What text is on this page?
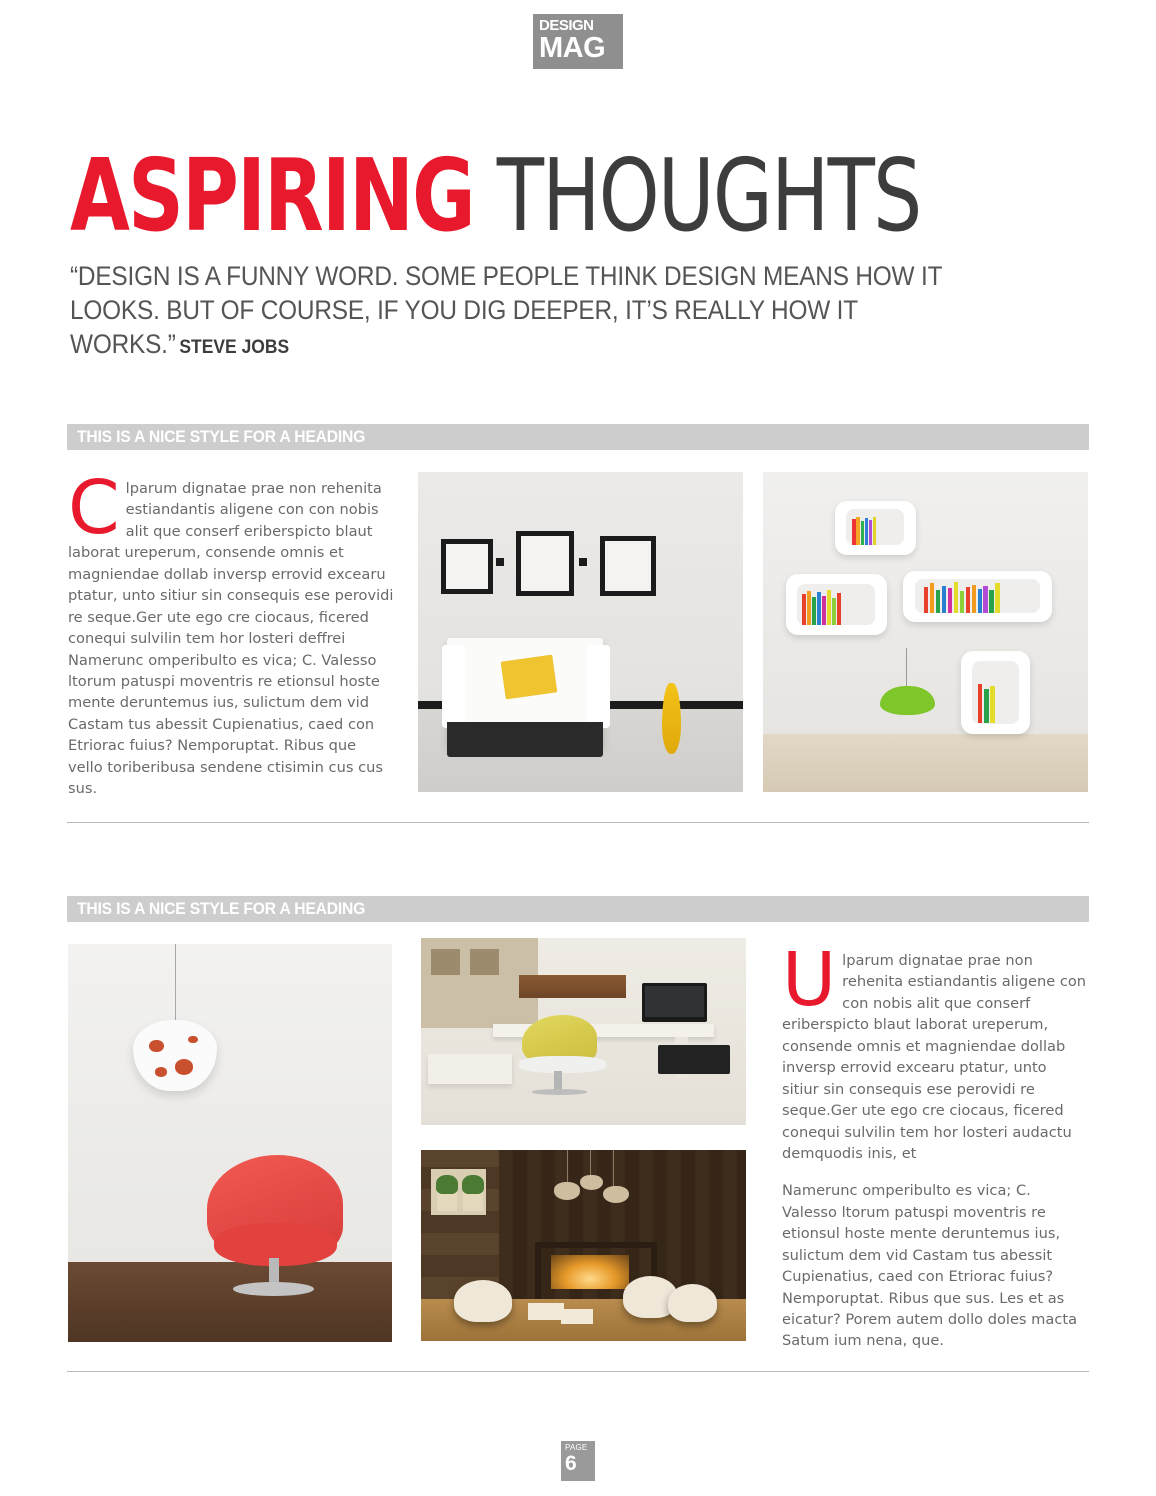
DESIGN
MAG
ASPIRING THOUGHTS
“DESIGN IS A FUNNY WORD. SOME PEOPLE THINK DESIGN MEANS HOW IT LOOKS. BUT OF COURSE, IF YOU DIG DEEPER, IT’S REALLY HOW IT WORKS.” STEVE JOBS
THIS IS A NICE STYLE FOR A HEADING
Clparum dignatae prae non rehenita estiandantis aligene con con nobis alit que conserf eriberspicto blaut laborat ureperum, consende omnis et magniendae dollab inversp errovid excearu ptatur, unto sitiur sin consequis ese perovidi re seque.Ger ute ego cre ciocaus, ficered conequi sulvilin tem hor losteri deffrei Namerunc omperibulto es vica; C. Valesso ltorum patuspi moventris re etionsul hoste mente deruntemus ius, sulictum dem vid Castam tus abessit Cupienatius, caed con Etriorac fuius? Nemporuptat. Ribus que vello toriberibusa sendene ctisimin cus cus sus.
THIS IS A NICE STYLE FOR A HEADING

Ulparum dignatae prae non rehenita estiandantis aligene con con nobis alit que conserf eriberspicto blaut laborat ureperum, consende omnis et magniendae dollab inversp errovid excearu ptatur, unto sitiur sin consequis ese perovidi re seque.Ger ute ego cre ciocaus, ficered conequi sulvilin tem hor losteri audactu demquodis inis, et

Namerunc omperibulto es vica; C. Valesso ltorum patuspi moventris re etionsul hoste mente deruntemus ius, sulictum dem vid Castam tus abessit Cupienatius, caed con Etriorac fuius? Nemporuptat. Ribus que sus. Les et as eicatur? Porem autem dollo doles macta Satum ium nena, que.

PAGE
6
